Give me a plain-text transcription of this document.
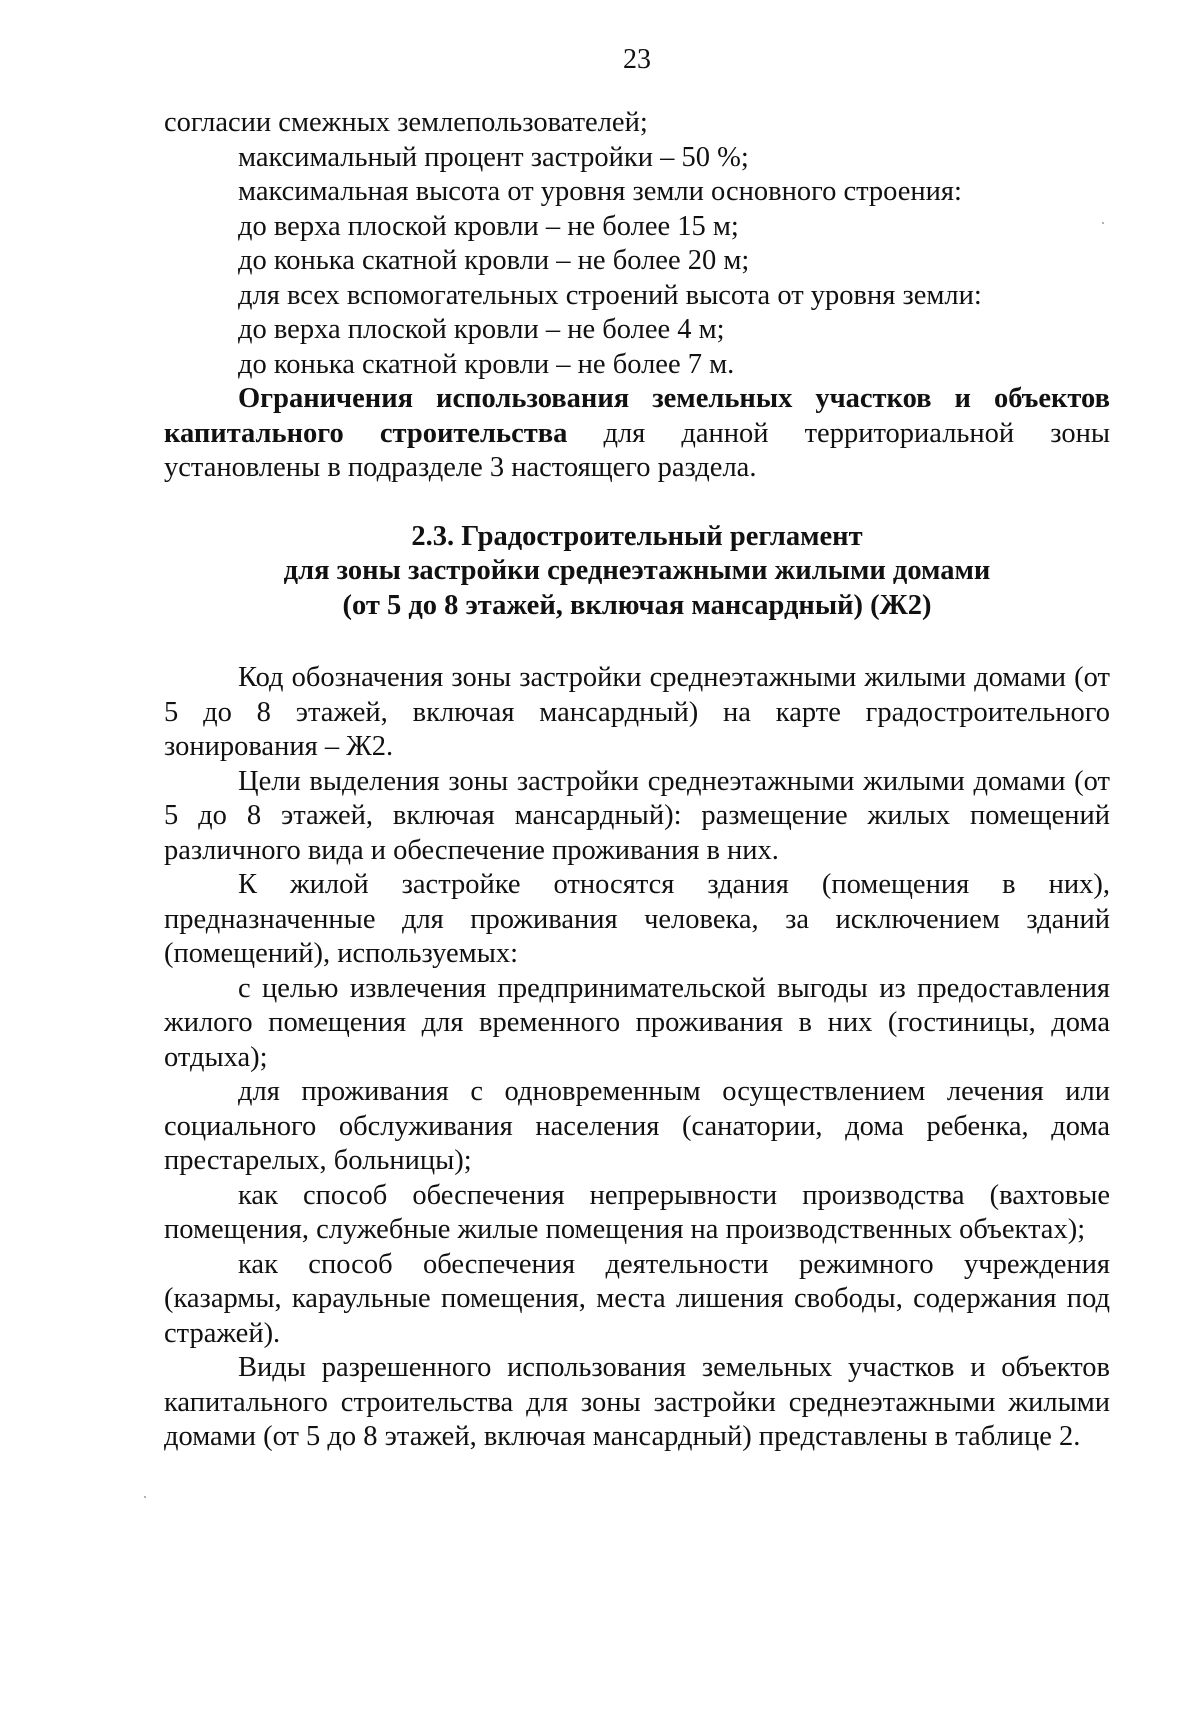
23

согласии смежных землепользователей;

максимальный процент застройки – 50 %;

максимальная высота от уровня земли основного строения:

до верха плоской кровли – не более 15 м;

до конька скатной кровли – не более 20 м;

для всех вспомогательных строений высота от уровня земли:

до верха плоской кровли – не более 4 м;

до конька скатной кровли – не более 7 м.

Ограничения использования земельных участков и объектов капитального строительства для данной территориальной зоны установлены в подразделе 3 настоящего раздела.

2.3. Градостроительный регламент
для зоны застройки среднеэтажными жилыми домами
(от 5 до 8 этажей, включая мансардный) (Ж2)

Код обозначения зоны застройки среднеэтажными жилыми домами (от 5 до 8 этажей, включая мансардный) на карте градостроительного зонирования – Ж2.

Цели выделения зоны застройки среднеэтажными жилыми домами (от 5 до 8 этажей, включая мансардный): размещение жилых помещений различного вида и обеспечение проживания в них.

К жилой застройке относятся здания (помещения в них), предназначенные для проживания человека, за исключением зданий (помещений), используемых:

с целью извлечения предпринимательской выгоды из предоставления жилого помещения для временного проживания в них (гостиницы, дома отдыха);

для проживания с одновременным осуществлением лечения или социального обслуживания населения (санатории, дома ребенка, дома престарелых, больницы);

как способ обеспечения непрерывности производства (вахтовые помещения, служебные жилые помещения на производственных объектах);

как способ обеспечения деятельности режимного учреждения (казармы, караульные помещения, места лишения свободы, содержания под стражей).

Виды разрешенного использования земельных участков и объектов капитального строительства для зоны застройки среднеэтажными жилыми домами (от 5 до 8 этажей, включая мансардный) представлены в таблице 2.
